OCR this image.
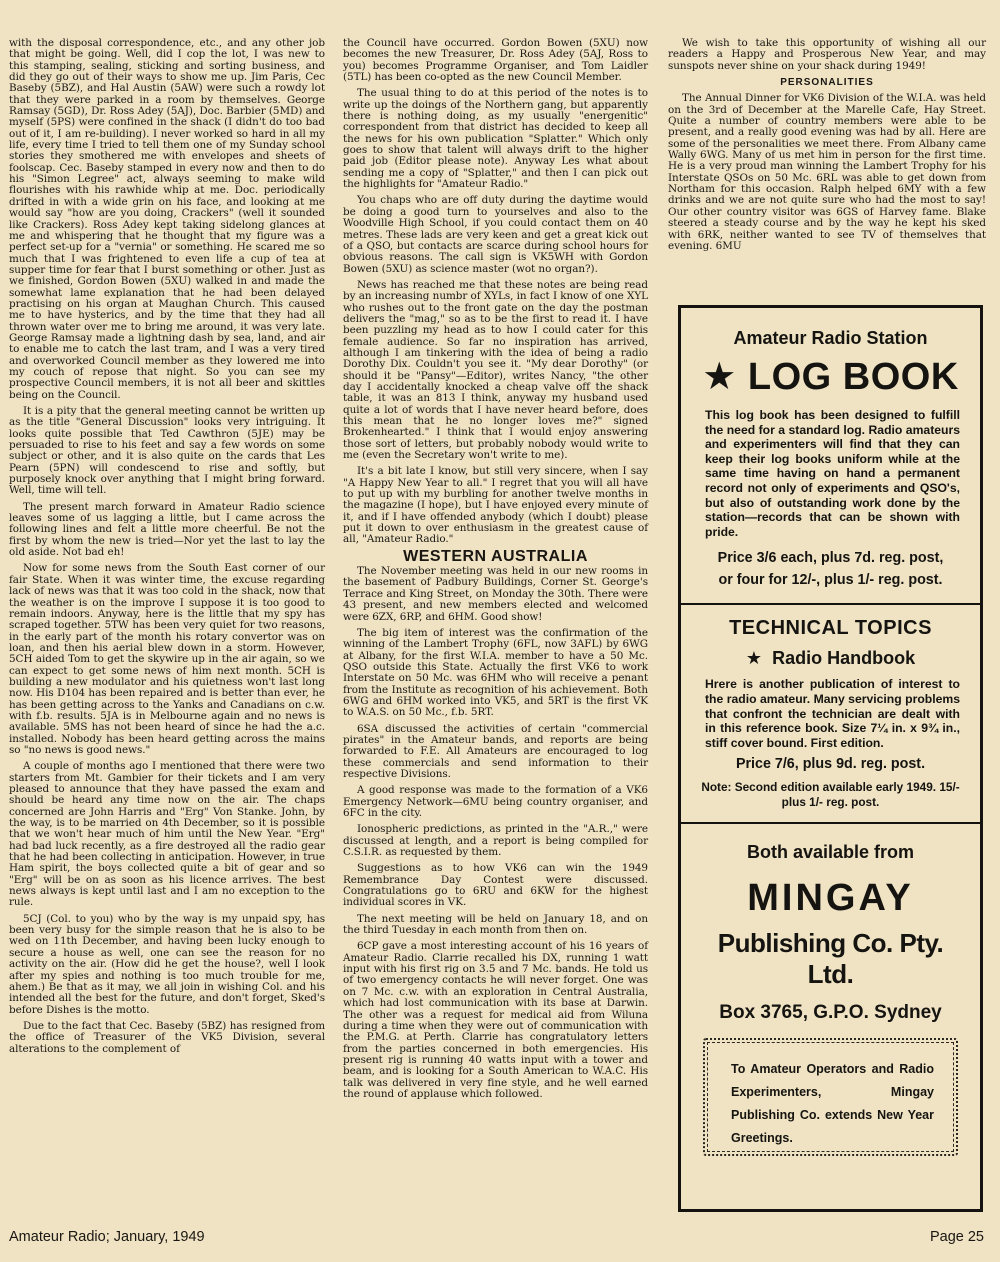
with the disposal correspondence, etc., and any other job that might be going. Well, did I cop the lot, I was new to this stamping, sealing, sticking and sorting business, and did they go out of their ways to show me up. Jim Paris, Cec Baseby (5BZ), and Hal Austin (5AW) were such a rowdy lot that they were parked in a room by themselves. George Ramsay (5GD), Dr. Ross Adey (5AJ), Doc. Barbier (5MD) and myself (5PS) were confined in the shack (I didn't do too bad out of it, I am re-building). I never worked so hard in all my life, every time I tried to tell them one of my Sunday school stories they smothered me with envelopes and sheets of foolscap. Cec. Baseby stamped in every now and then to do his "Simon Legree" act, always seeming to make wild flourishes with his rawhide whip at me. Doc. periodically drifted in with a wide grin on his face, and looking at me would say "how are you doing, Crackers" (well it sounded like Crackers). Ross Adey kept taking sidelong glances at me and whispering that he thought that my figure was a perfect set-up for a "vernia" or something. He scared me so much that I was frightened to even life a cup of tea at supper time for fear that I burst something or other. Just as we finished, Gordon Bowen (5XU) walked in and made the somewhat lame explanation that he had been delayed practising on his organ at Maughan Church. This caused me to have hysterics, and by the time that they had all thrown water over me to bring me around, it was very late. George Ramsay made a lightning dash by sea, land, and air to enable me to catch the last tram, and I was a very tired and overworked Council member as they lowered me into my couch of repose that night. So you can see my prospective Council members, it is not all beer and skittles being on the Council.

It is a pity that the general meeting cannot be written up as the title "General Discussion" looks very intriguing. It looks quite possible that Ted Cawthron (5JE) may be persuaded to rise to his feet and say a few words on some subject or other, and it is also quite on the cards that Les Pearn (5PN) will condescend to rise and softly, but purposely knock over anything that I might bring forward. Well, time will tell.

The present march forward in Amateur Radio science leaves some of us lagging a little, but I came across the following lines and felt a little more cheerful. Be not the first by whom the new is tried—Nor yet the last to lay the old aside. Not bad eh!

Now for some news from the South East corner of our fair State. When it was winter time, the excuse regarding lack of news was that it was too cold in the shack, now that the weather is on the improve I suppose it is too good to remain indoors. Anyway, here is the little that my spy has scraped together. 5TW has been very quiet for two reasons, in the early part of the month his rotary convertor was on loan, and then his aerial blew down in a storm. However, 5CH aided Tom to get the skywire up in the air again, so we can expect to get some news of him next month. 5CH is building a new modulator and his quietness won't last long now. His D104 has been repaired and is better than ever, he has been getting across to the Yanks and Canadians on c.w. with f.b. results. 5JA is in Melbourne again and no news is available. 5MS has not been heard of since he had the a.c. installed. Nobody has been heard getting across the mains so "no news is good news."

A couple of months ago I mentioned that there were two starters from Mt. Gambier for their tickets and I am very pleased to announce that they have passed the exam and should be heard any time now on the air. The chaps concerned are John Harris and "Erg" Von Stanke. John, by the way, is to be married on 4th December, so it is possible that we won't hear much of him until the New Year. "Erg" had bad luck recently, as a fire destroyed all the radio gear that he had been collecting in anticipation. However, in true Ham spirit, the boys collected quite a bit of gear and so "Erg" will be on as soon as his licence arrives. The best news always is kept until last and I am no exception to the rule.

5CJ (Col. to you) who by the way is my unpaid spy, has been very busy for the simple reason that he is also to be wed on 11th December, and having been lucky enough to secure a house as well, one can see the reason for no activity on the air. (How did he get the house?, well I look after my spies and nothing is too much trouble for me, ahem.) Be that as it may, we all join in wishing Col. and his intended all the best for the future, and don't forget, Sked's before Dishes is the motto.

Due to the fact that Cec. Baseby (5BZ) has resigned from the office of Treasurer of the VK5 Division, several alterations to the complement of

the Council have occurred. Gordon Bowen (5XU) now becomes the new Treasurer, Dr. Ross Adey (5AJ, Ross to you) becomes Programme Organiser, and Tom Laidler (5TL) has been co-opted as the new Council Member.

The usual thing to do at this period of the notes is to write up the doings of the Northern gang, but apparently there is nothing doing, as my usually "energenitic" correspondent from that district has decided to keep all the news for his own publication "Splatter." Which only goes to show that talent will always drift to the higher paid job (Editor please note). Anyway Les what about sending me a copy of "Splatter," and then I can pick out the highlights for "Amateur Radio."

You chaps who are off duty during the daytime would be doing a good turn to yourselves and also to the Woodville High School, if you could contact them on 40 metres. These lads are very keen and get a great kick out of a QSO, but contacts are scarce during school hours for obvious reasons. The call sign is VK5WH with Gordon Bowen (5XU) as science master (wot no organ?).

News has reached me that these notes are being read by an increasing numbr of XYLs, in fact I know of one XYL who rushes out to the front gate on the day the postman delivers the "mag," so as to be the first to read it. I have been puzzling my head as to how I could cater for this female audience. So far no inspiration has arrived, although I am tinkering with the idea of being a radio Dorothy Dix. Couldn't you see it. "My dear Dorothy" (or should it be "Pansy"—Editor), writes Nancy, "the other day I accidentally knocked a cheap valve off the shack table, it was an 813 I think, anyway my husband used quite a lot of words that I have never heard before, does this mean that he no longer loves me?" signed Brokenhearted." I think that I would enjoy answering those sort of letters, but probably nobody would write to me (even the Secretary won't write to me).

It's a bit late I know, but still very sincere, when I say "A Happy New Year to all." I regret that you will all have to put up with my burbling for another twelve months in the magazine (I hope), but I have enjoyed every minute of it, and if I have offended anybody (which I doubt) please put it down to over enthusiasm in the greatest cause of all, "Amateur Radio."

WESTERN AUSTRALIA

The November meeting was held in our new rooms in the basement of Padbury Buildings, Corner St. George's Terrace and King Street, on Monday the 30th. There were 43 present, and new members elected and welcomed were 6ZX, 6RP, and 6HM. Good show!

The big item of interest was the confirmation of the winning of the Lambert Trophy (6FL, now 3AFL) by 6WG at Albany, for the first W.I.A. member to have a 50 Mc. QSO outside this State. Actually the first VK6 to work Interstate on 50 Mc. was 6HM who will receive a penant from the Institute as recognition of his achievement. Both 6WG and 6HM worked into VK5, and 5RT is the first VK to W.A.S. on 50 Mc., f.b. 5RT.

6SA discussed the activities of certain "commercial pirates" in the Amateur bands, and reports are being forwarded to F.E. All Amateurs are encouraged to log these commercials and send information to their respective Divisions.

A good response was made to the formation of a VK6 Emergency Network—6MU being country organiser, and 6FC in the city.

Ionospheric predictions, as printed in the "A.R.," were discussed at length, and a report is being compiled for C.S.I.R. as requested by them.

Suggestions as to how VK6 can win the 1949 Remembrance Day Contest were discussed. Congratulations go to 6RU and 6KW for the highest individual scores in VK.

The next meeting will be held on January 18, and on the third Tuesday in each month from then on.

6CP gave a most interesting account of his 16 years of Amateur Radio. Clarrie recalled his DX, running 1 watt input with his first rig on 3.5 and 7 Mc. bands. He told us of two emergency contacts he will never forget. One was on 7 Mc. c.w. with an exploration in Central Australia, which had lost communication with its base at Darwin. The other was a request for medical aid from Wiluna during a time when they were out of communication with the P.M.G. at Perth. Clarrie has congratulatory letters from the parties concerned in both emergencies. His present rig is running 40 watts input with a tower and beam, and is looking for a South American to W.A.C. His talk was delivered in very fine style, and he well earned the round of applause which followed.

We wish to take this opportunity of wishing all our readers a Happy and Prosperous New Year, and may sunspots never shine on your shack during 1949!

PERSONALITIES

The Annual Dinner for VK6 Division of the W.I.A. was held on the 3rd of December at the Marelle Cafe, Hay Street. Quite a number of country members were able to be present, and a really good evening was had by all. Here are some of the personalities we meet there. From Albany came Wally 6WG. Many of us met him in person for the first time. He is a very proud man winning the Lambert Trophy for his Interstate QSOs on 50 Mc. 6RL was able to get down from Northam for this occasion. Ralph helped 6MY with a few drinks and we are not quite sure who had the most to say! Our other country visitor was 6GS of Harvey fame. Blake steered a steady course and by the way he kept his sked with 6RK, neither wanted to see TV of themselves that evening. 6MU

Amateur Radio Station
★ LOG BOOK
This log book has been designed to fulfill the need for a standard log. Radio amateurs and experimenters will find that they can keep their log books uniform while at the same time having on hand a permanent record not only of experiments and QSO's, but also of outstanding work done by the station—records that can be shown with pride.
Price 3/6 each, plus 7d. reg. post,
or four for 12/-, plus 1/- reg. post.
TECHNICAL TOPICS
★ Radio Handbook
Hrere is another publication of interest to the radio amateur. Many servicing problems that confront the technician are dealt with in this reference book. Size 7¼ in. x 9¾ in., stiff cover bound. First edition.
Price 7/6, plus 9d. reg. post.
Note: Second edition available early 1949. 15/- plus 1/- reg. post.
Both available from
MINGAY
Publishing Co. Pty. Ltd.
Box 3765, G.P.O. Sydney
To Amateur Operators and Radio Experimenters, Mingay Publishing Co. extends New Year Greetings.
Amateur Radio; January, 1949	Page 25
